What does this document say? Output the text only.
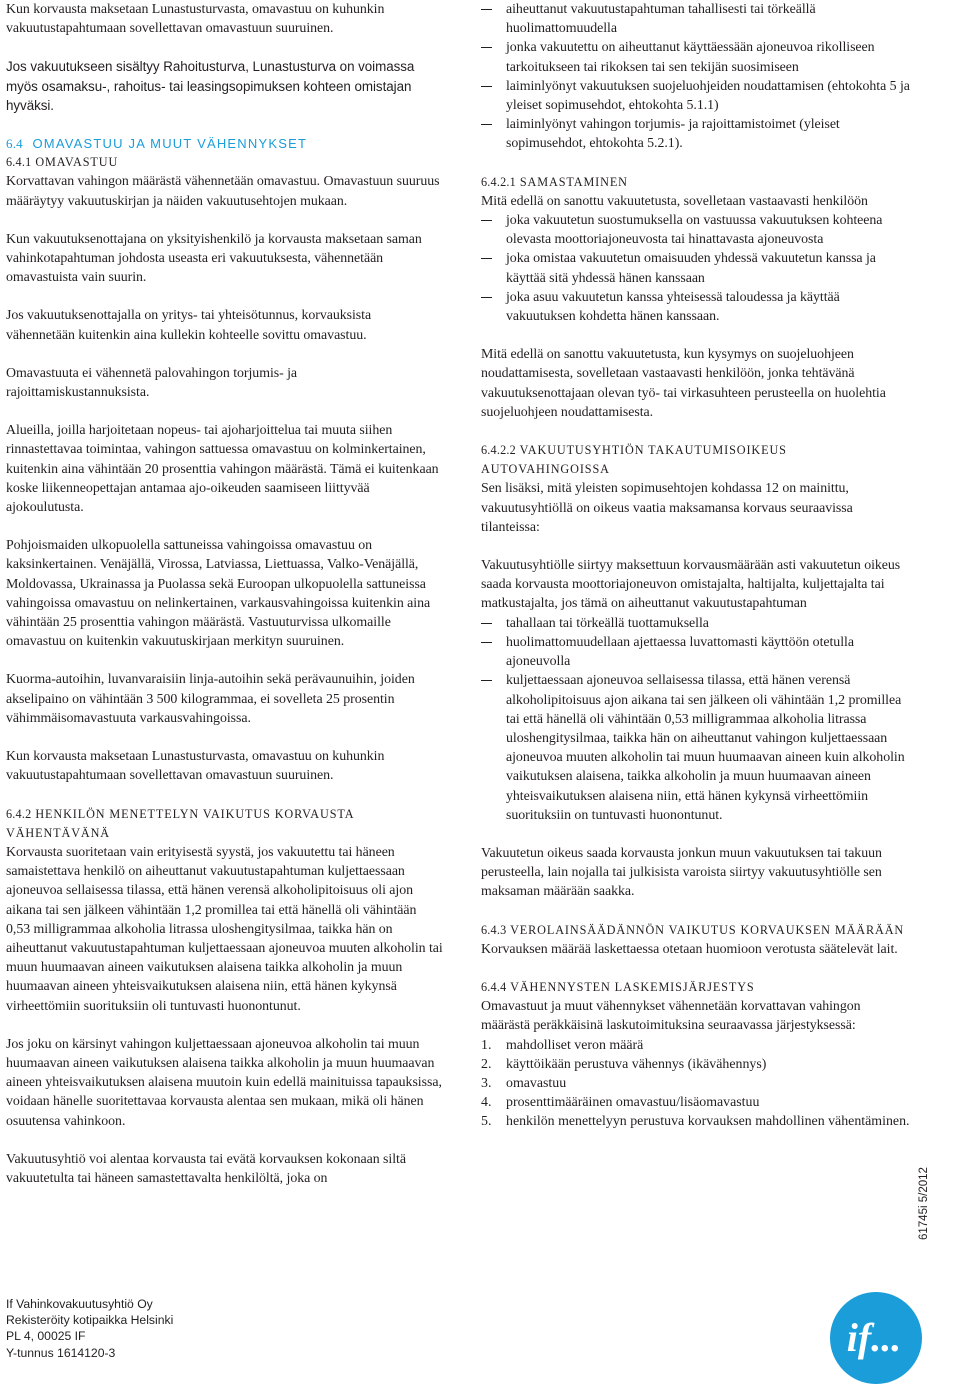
Kun korvausta maksetaan Lunastusturvasta, omavastuu on kuhunkin vakuutustapahtumaan sovellettavan omavastuun suuruinen.

Jos vakuutukseen sisältyy Rahoitusturva, Lunastusturva on voimassa myös osamaksu-, rahoitus- tai leasingsopimuksen kohteen omistajan hyväksi.

6.4 OMAVASTUU JA MUUT VÄHENNYKSET
6.4.1 OMAVASTUU

Korvattavan vahingon määrästä vähennetään omavastuu. Omavastuun suuruus määräytyy vakuutuskirjan ja näiden vakuutusehtojen mukaan.

Kun vakuutuksenottajana on yksityishenkilö ja korvausta maksetaan saman vahinkotapahtuman johdosta useasta eri vakuutuksesta, vähennetään omavastuista vain suurin.

Jos vakuutuksenottajalla on yritys- tai yhteisötunnus, korvauksista vähennetään kuitenkin aina kullekin kohteelle sovittu omavastuu.

Omavastuuta ei vähennetä palovahingon torjumis- ja rajoittamiskustannuksista.

Alueilla, joilla harjoitetaan nopeus- tai ajoharjoittelua tai muuta siihen rinnastettavaa toimintaa, vahingon sattuessa omavastuu on kolminkertainen, kuitenkin aina vähintään 20 prosenttia vahingon määrästä. Tämä ei kuitenkaan koske liikenneopettajan antamaa ajo-oikeuden saamiseen liittyvää ajokoulutusta.

Pohjoismaiden ulkopuolella sattuneissa vahingoissa omavastuu on kaksinkertainen. Venäjällä, Virossa, Latviassa, Liettuassa, Valko-Venäjällä, Moldovassa, Ukrainassa ja Puolassa sekä Euroopan ulkopuolella sattuneissa vahingoissa omavastuu on nelinkertainen, varkausvahingoissa kuitenkin aina vähintään 25 prosenttia vahingon määrästä. Vastuuturvissa ulkomaille omavastuu on kuitenkin vakuutuskirjaan merkityn suuruinen.

Kuorma-autoihin, luvanvaraisiin linja-autoihin sekä perävaunuihin, joiden akselipaino on vähintään 3 500 kilogrammaa, ei sovelleta 25 prosentin vähimmäisomavastuuta varkausvahingoissa.

Kun korvausta maksetaan Lunastusturvasta, omavastuu on kuhunkin vakuutustapahtumaan sovellettavan omavastuun suuruinen.

6.4.2 HENKILÖN MENETTELYN VAIKUTUS KORVAUSTA VÄHENTÄVÄNÄ

Korvausta suoritetaan vain erityisestä syystä, jos vakuutettu tai häneen samaistettava henkilö on aiheuttanut vakuutustapahtuman kuljettaessaan ajoneuvoa sellaisessa tilassa, että hänen verensä alkoholipitoisuus oli ajon aikana tai sen jälkeen vähintään 1,2 promillea tai että hänellä oli vähintään 0,53 milligrammaa alkoholia litrassa uloshengitysilmaa, taikka hän on aiheuttanut vakuutustapahtuman kuljettaessaan ajoneuvoa muuten alkoholin tai muun huumaavan aineen vaikutuksen alaisena taikka alkoholin ja muun huumaavan aineen yhteisvaikutuksen alaisena niin, että hänen kykynsä virheettömiin suorituksiin oli tuntuvasti huonontunut.

Jos joku on kärsinyt vahingon kuljettaessaan ajoneuvoa alkoholin tai muun huumaavan aineen vaikutuksen alaisena taikka alkoholin ja muun huumaavan aineen yhteisvaikutuksen alaisena muutoin kuin edellä mainituissa tapauksissa, voidaan hänelle suoritettavaa korvausta alentaa sen mukaan, mikä oli hänen osuutensa vahinkoon.

Vakuutusyhtiö voi alentaa korvausta tai evätä korvauksen kokonaan siltä vakuutetulta tai häneen samastettavalta henkilöltä, joka on

aiheuttanut vakuutustapahtuman tahallisesti tai törkeällä huolimattomuudella
jonka vakuutettu on aiheuttanut käyttäessään ajoneuvoa rikolliseen tarkoitukseen tai rikoksen tai sen tekijän suosimiseen
laiminlyönyt vakuutuksen suojeluohjeiden noudattamisen (ehtokohta 5 ja yleiset sopimusehdot, ehtokohta 5.1.1)
laiminlyönyt vahingon torjumis- ja rajoittamistoimet (yleiset sopimusehdot, ehtokohta 5.2.1).
6.4.2.1 SAMASTAMINEN

Mitä edellä on sanottu vakuutetusta, sovelletaan vastaavasti henkilöön

joka vakuutetun suostumuksella on vastuussa vakuutuksen kohteena olevasta moottoriajoneuvosta tai hinattavasta ajoneuvosta
joka omistaa vakuutetun omaisuuden yhdessä vakuutetun kanssa ja käyttää sitä yhdessä hänen kanssaan
joka asuu vakuutetun kanssa yhteisessä taloudessa ja käyttää vakuutuksen kohdetta hänen kanssaan.

Mitä edellä on sanottu vakuutetusta, kun kysymys on suojeluohjeen noudattamisesta, sovelletaan vastaavasti henkilöön, jonka tehtävänä vakuutuksenottajaan olevan työ- tai virkasuhteen perusteella on huolehtia suojeluohjeen noudattamisesta.

6.4.2.2 VAKUUTUSYHTIÖN TAKAUTUMISOIKEUS AUTOVAHINGOISSA

Sen lisäksi, mitä yleisten sopimusehtojen kohdassa 12 on mainittu, vakuutusyhtiöllä on oikeus vaatia maksamansa korvaus seuraavissa tilanteissa:

Vakuutusyhtiölle siirtyy maksettuun korvausmäärään asti vakuutetun oikeus saada korvausta moottoriajoneuvon omistajalta, haltijalta, kuljettajalta tai matkustajalta, jos tämä on aiheuttanut vakuutustapahtuman

tahallaan tai törkeällä tuottamuksella
huolimattomuudellaan ajettaessa luvattomasti käyttöön otetulla ajoneuvolla
kuljettaessaan ajoneuvoa sellaisessa tilassa, että hänen verensä alkoholipitoisuus ajon aikana tai sen jälkeen oli vähintään 1,2 promillea tai että hänellä oli vähintään 0,53 milligrammaa alkoholia litrassa uloshengitysilmaa, taikka hän on aiheuttanut vahingon kuljettaessaan ajoneuvoa muuten alkoholin tai muun huumaavan aineen kuin alkoholin vaikutuksen alaisena, taikka alkoholin ja muun huumaavan aineen yhteisvaikutuksen alaisena niin, että hänen kykynsä virheettömiin suorituksiin on tuntuvasti huonontunut.

Vakuutetun oikeus saada korvausta jonkun muun vakuutuksen tai takuun perusteella, lain nojalla tai julkisista varoista siirtyy vakuutusyhtiölle sen maksaman määrään saakka.

6.4.3 VEROLAINSÄÄDÄNNÖN VAIKUTUS KORVAUKSEN MÄÄRÄÄN

Korvauksen määrää laskettaessa otetaan huomioon verotusta säätelevät lait.

6.4.4 VÄHENNYSTEN LASKEMISJÄRJESTYS

Omavastuut ja muut vähennykset vähennetään korvattavan vahingon määrästä peräkkäisinä laskutoimituksina seuraavassa järjestyksessä:

1. mahdolliset veron määrä
2. käyttöikään perustuva vähennys (ikävähennys)
3. omavastuu
4. prosenttimääräinen omavastuu/lisäomavastuu
5. henkilön menettelyyn perustuva korvauksen mahdollinen vähentäminen.
61745i 5/2012
If Vahinkovakuutusyhtiö Oy
Rekisteröity kotipaikka Helsinki
PL 4, 00025 IF
Y-tunnus 1614120-3	if...
